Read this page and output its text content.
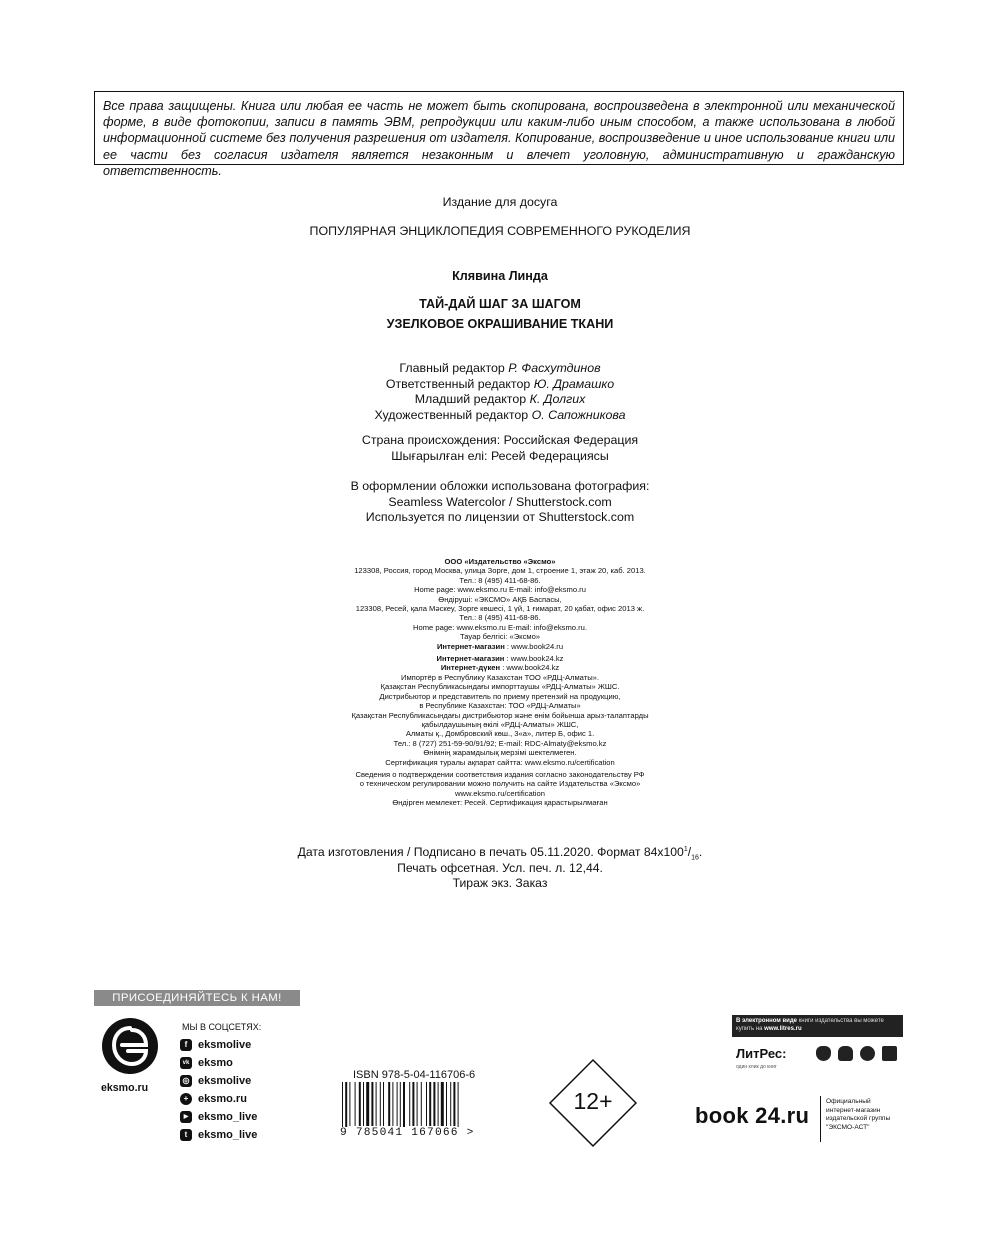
Все права защищены. Книга или любая ее часть не может быть скопирована, воспроизведена в электронной или механической форме, в виде фотокопии, записи в память ЭВМ, репродукции или каким-либо иным способом, а также использована в любой информационной системе без получения разрешения от издателя. Копирование, воспроизведение и иное использование книги или ее части без согласия издателя является незаконным и влечет уголовную, административную и гражданскую ответственность.
Издание для досуга
ПОПУЛЯРНАЯ ЭНЦИКЛОПЕДИЯ СОВРЕМЕННОГО РУКОДЕЛИЯ
Клявина Линда
ТАЙ-ДАЙ ШАГ ЗА ШАГОМ
УЗЕЛКОВОЕ ОКРАШИВАНИЕ ТКАНИ
Главный редактор Р. Фасхутдинов
Ответственный редактор Ю. Драмашко
Младший редактор К. Долгих
Художественный редактор О. Сапожникова
Страна происхождения: Российская Федерация
Шығарылған елі: Ресей Федерациясы
В оформлении обложки использована фотография:
Seamless Watercolor / Shutterstock.com
Используется по лицензии от Shutterstock.com
ООО «Издательство «Эксмо»
123308, Россия, город Москва, улица Зорге, дом 1, строение 1, этаж 20, каб. 2013.
Тел.: 8 (495) 411-68-86.
Home page: www.eksmo.ru E-mail: info@eksmo.ru
Өндіруші: «ЭКСМО» АҚБ Баспасы,
123308, Ресей, қала Мәскеу, Зорге көшесі, 1 үй, 1 ғимарат, 20 қабат, офис 2013 ж.
Тел.: 8 (495) 411-68-86.
Home page: www.eksmo.ru E-mail: info@eksmo.ru.
Тауар белгісі: «Эксмо»
Интернет-магазин : www.book24.ru
Интернет-магазин : www.book24.kz
Интернет-дүкен : www.book24.kz
Импортёр в Республику Казахстан ТОО «РДЦ-Алматы».
Қазақстан Республикасындағы импорттаушы «РДЦ-Алматы» ЖШС.
Дистрибьютор и представитель по приему претензий на продукцию,
в Республике Казахстан: ТОО «РДЦ-Алматы»
Қазақстан Республикасындағы дистрибьютор және өнім бойынша арыз-талаптарды
қабылдаушының өкілі «РДЦ-Алматы» ЖШС,
Алматы қ., Домбровский көш., 3«а», литер Б, офис 1.
Тел.: 8 (727) 251-59-90/91/92; E-mail: RDC-Almaty@eksmo.kz
Өнімнің жарамдылық мерзімі шектелмеген.
Сертификация туралы ақпарат сайтта: www.eksmo.ru/certification
Сведения о подтверждении соответствия издания согласно законодательству РФ
о техническом регулировании можно получить на сайте Издательства «Эксмо»
www.eksmo.ru/certification
Өндірген мемлекет: Ресей. Сертификация қарастырылмаған
Дата изготовления / Подписано в печать 05.11.2020. Формат $84x100^1/_{16}$.
Печать офсетная. Усл. печ. л. 12,44.
Тираж экз. Заказ
ПРИСОЕДИНЯЙТЕСЬ К НАМ!
eksmo.ru
МЫ В СОЦСЕТЯХ:
f eksmolive
vk eksmo
◎ eksmolive
+ eksmo.ru
▶ eksmo_live
t eksmo_live
ISBN 978-5-04-116706-6
9 785041 167066 >
12+
В электронном виде книги издательства вы можете
купить на www.litres.ru
ЛитРес:
один клик до книг
book 24.ru
Официальный
интернет-магазин
издательской группы
"ЭКСМО-АСТ"
